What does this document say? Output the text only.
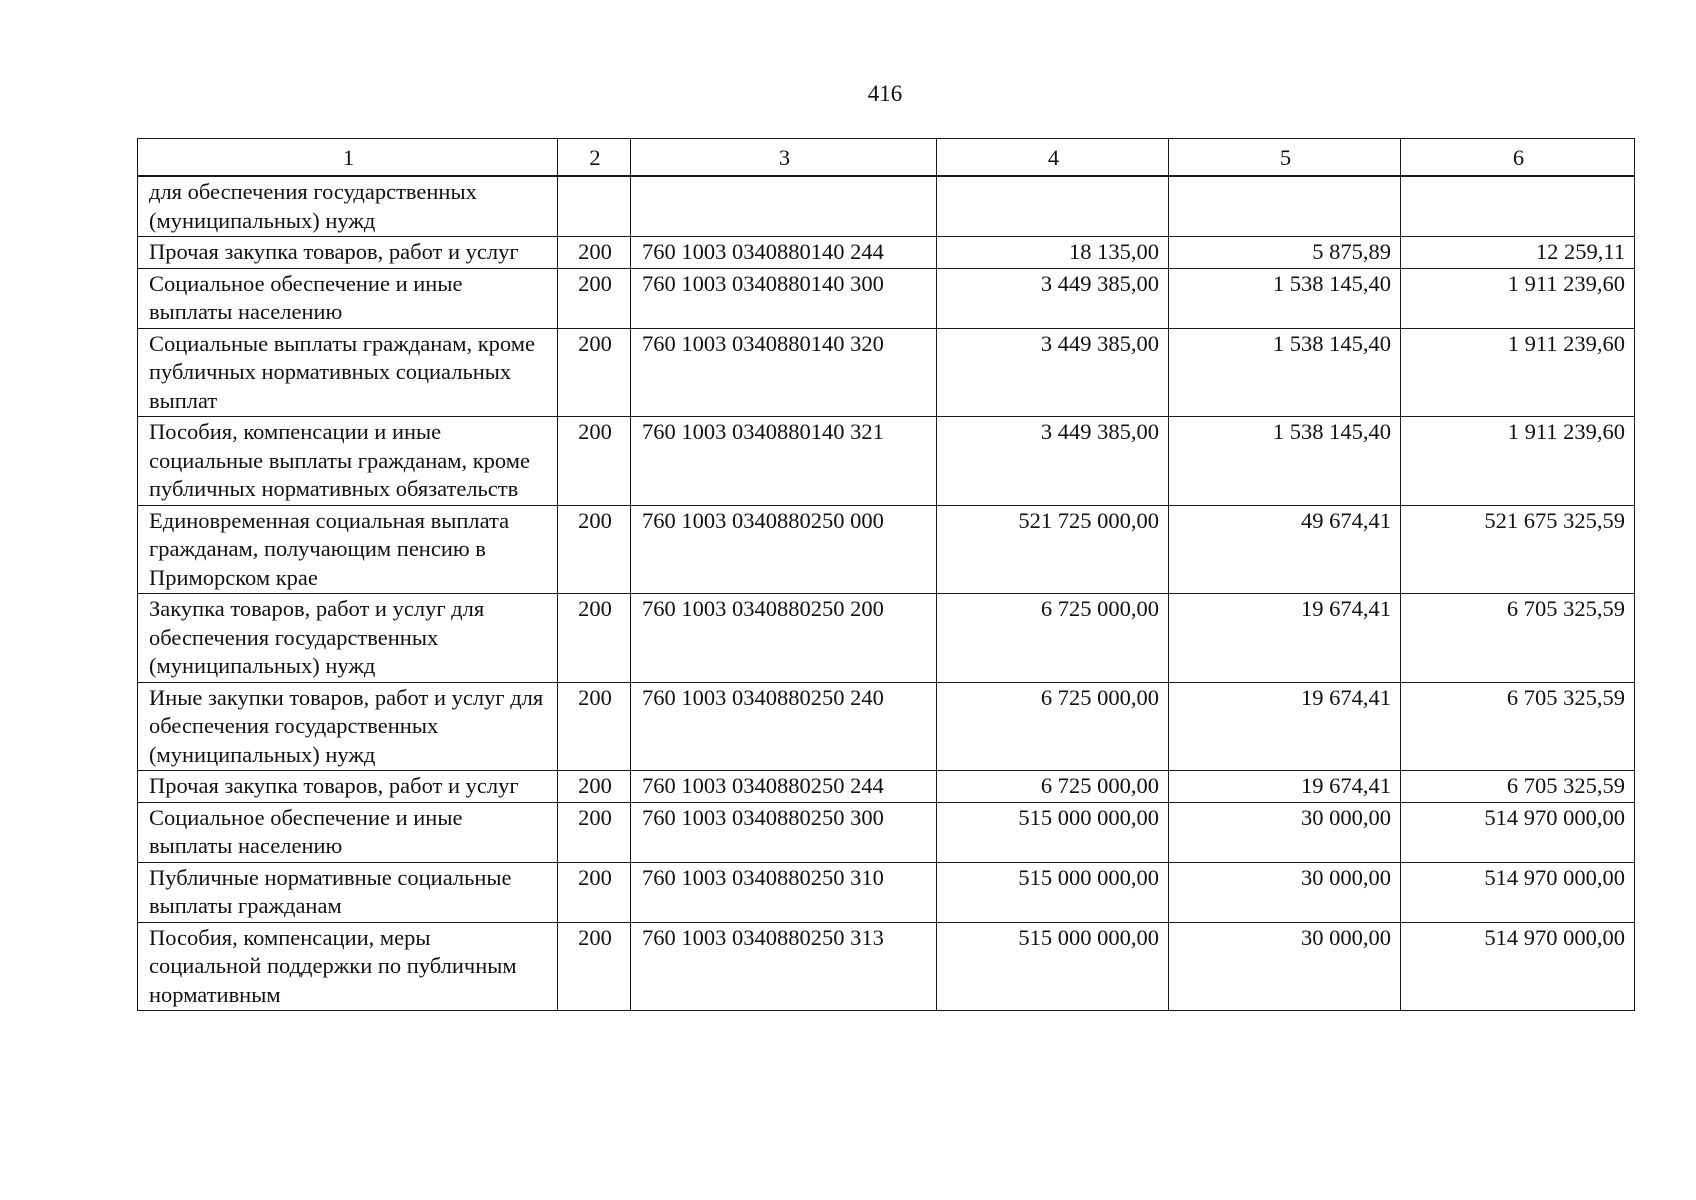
416
1	2	3	4	5	6
для обеспечения государственных (муниципальных) нужд					
Прочая закупка товаров, работ и услуг	200	760 1003 0340880140 244	18 135,00	5 875,89	12 259,11
Социальное обеспечение и иные выплаты населению	200	760 1003 0340880140 300	3 449 385,00	1 538 145,40	1 911 239,60
Социальные выплаты гражданам, кроме публичных нормативных социальных выплат	200	760 1003 0340880140 320	3 449 385,00	1 538 145,40	1 911 239,60
Пособия, компенсации и иные социальные выплаты гражданам, кроме публичных нормативных обязательств	200	760 1003 0340880140 321	3 449 385,00	1 538 145,40	1 911 239,60
Единовременная социальная выплата гражданам, получающим пенсию в Приморском крае	200	760 1003 0340880250 000	521 725 000,00	49 674,41	521 675 325,59
Закупка товаров, работ и услуг для обеспечения государственных (муниципальных) нужд	200	760 1003 0340880250 200	6 725 000,00	19 674,41	6 705 325,59
Иные закупки товаров, работ и услуг для обеспечения государственных (муниципальных) нужд	200	760 1003 0340880250 240	6 725 000,00	19 674,41	6 705 325,59
Прочая закупка товаров, работ и услуг	200	760 1003 0340880250 244	6 725 000,00	19 674,41	6 705 325,59
Социальное обеспечение и иные выплаты населению	200	760 1003 0340880250 300	515 000 000,00	30 000,00	514 970 000,00
Публичные нормативные социальные выплаты гражданам	200	760 1003 0340880250 310	515 000 000,00	30 000,00	514 970 000,00
Пособия, компенсации, меры социальной поддержки по публичным нормативным	200	760 1003 0340880250 313	515 000 000,00	30 000,00	514 970 000,00
